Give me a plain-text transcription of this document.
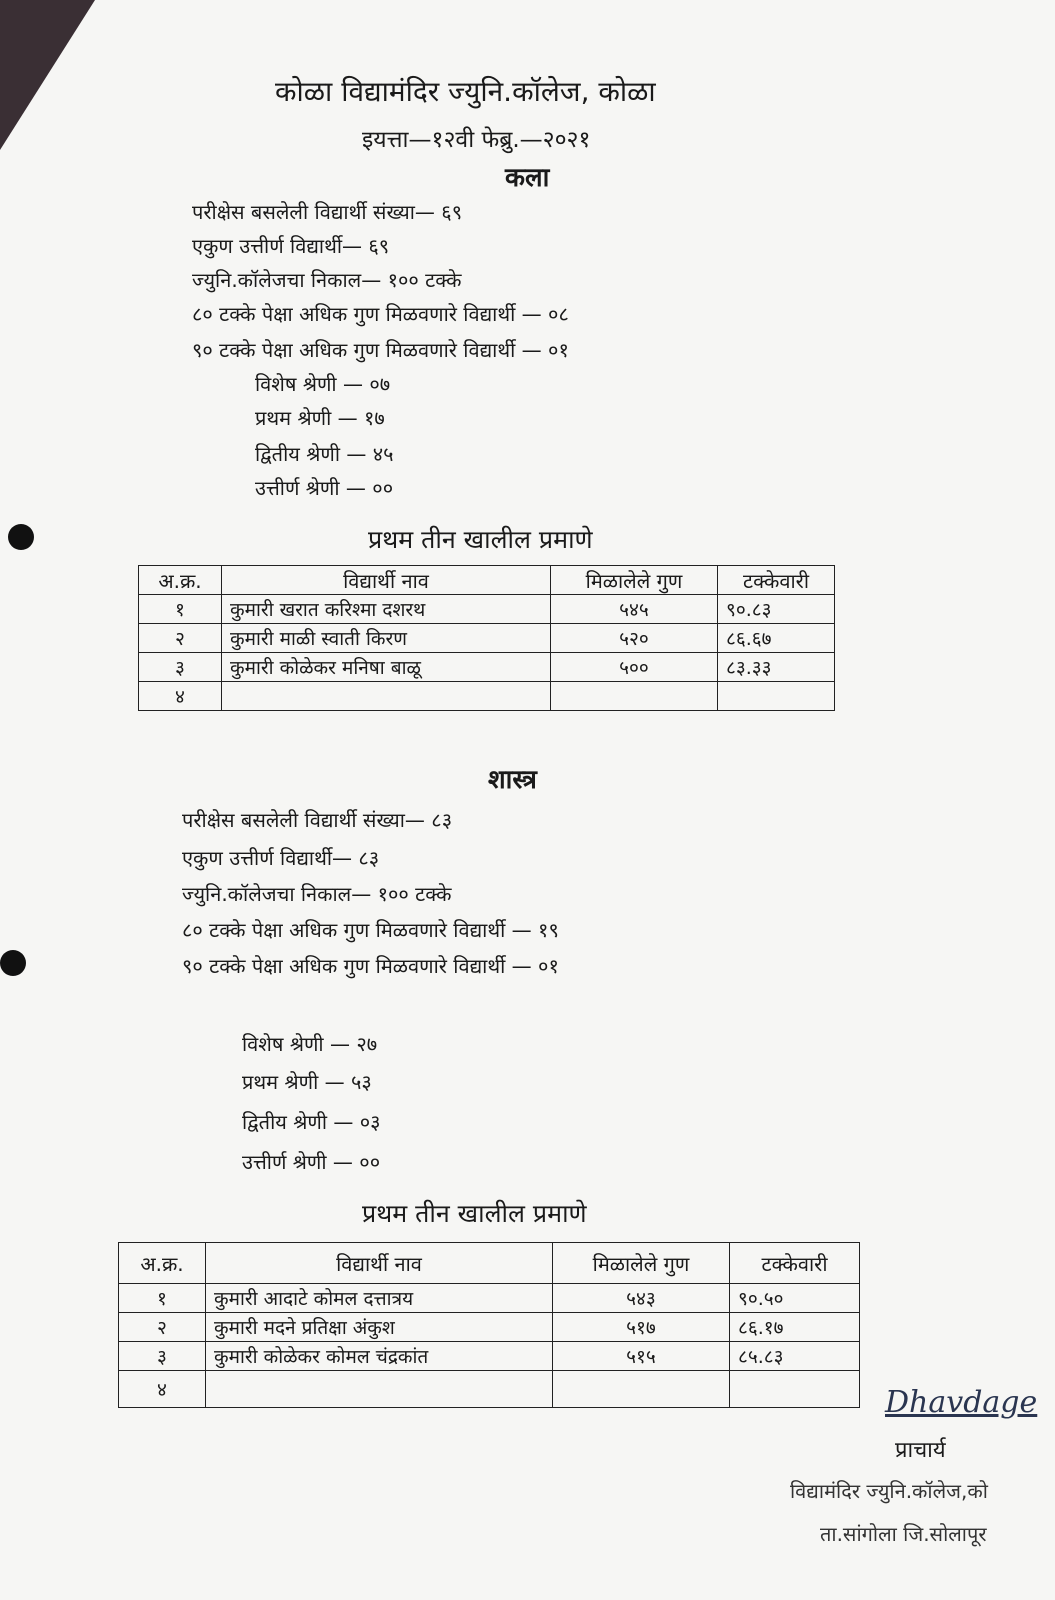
कोळा विद्यामंदिर ज्युनि.कॉलेज, कोळा
इयत्ता—१२वी फेब्रु.—२०२१
कला
परीक्षेस बसलेली विद्यार्थी संख्या— ६९
एकुण उत्तीर्ण विद्यार्थी— ६९
ज्युनि.कॉलेजचा निकाल— १०० टक्के
८० टक्के पेक्षा अधिक गुण मिळवणारे विद्यार्थी — ०८
९० टक्के पेक्षा अधिक गुण मिळवणारे विद्यार्थी — ०१
विशेष श्रेणी — ०७
प्रथम श्रेणी — १७
द्वितीय श्रेणी — ४५
उत्तीर्ण श्रेणी — ००
प्रथम तीन खालील प्रमाणे
अ.क्र.	विद्यार्थी नाव	मिळालेले गुण	टक्केवारी
१	कुमारी खरात करिश्मा दशरथ	५४५	९०.८३
२	कुमारी माळी स्वाती किरण	५२०	८६.६७
३	कुमारी कोळेकर मनिषा बाळू	५००	८३.३३
४			
शास्त्र
परीक्षेस बसलेली विद्यार्थी संख्या— ८३
एकुण उत्तीर्ण विद्यार्थी— ८३
ज्युनि.कॉलेजचा निकाल— १०० टक्के
८० टक्के पेक्षा अधिक गुण मिळवणारे विद्यार्थी — १९
९० टक्के पेक्षा अधिक गुण मिळवणारे विद्यार्थी — ०१
विशेष श्रेणी — २७
प्रथम श्रेणी — ५३
द्वितीय श्रेणी — ०३
उत्तीर्ण श्रेणी — ००
प्रथम तीन खालील प्रमाणे
अ.क्र.	विद्यार्थी नाव	मिळालेले गुण	टक्केवारी
१	कुमारी आदाटे कोमल दत्तात्रय	५४३	९०.५०
२	कुमारी मदने प्रतिक्षा अंकुश	५१७	८६.१७
३	कुमारी कोळेकर कोमल चंद्रकांत	५१५	८५.८३
४				Dhavdage
प्राचार्य
विद्यामंदिर ज्युनि.कॉलेज,को
ता.सांगोला जि.सोलापूर
